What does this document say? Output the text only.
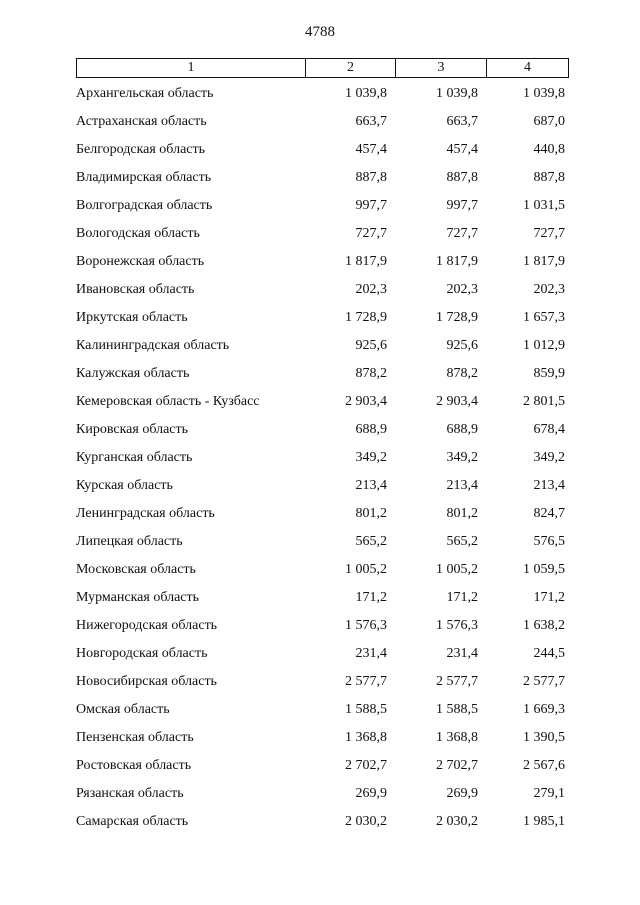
4788
1	2	3	4
Архангельская область	1 039,8	1 039,8	1 039,8
Астраханская область	663,7	663,7	687,0
Белгородская область	457,4	457,4	440,8
Владимирская область	887,8	887,8	887,8
Волгоградская область	997,7	997,7	1 031,5
Вологодская область	727,7	727,7	727,7
Воронежская область	1 817,9	1 817,9	1 817,9
Ивановская область	202,3	202,3	202,3
Иркутская область	1 728,9	1 728,9	1 657,3
Калининградская область	925,6	925,6	1 012,9
Калужская область	878,2	878,2	859,9
Кемеровская область - Кузбасс	2 903,4	2 903,4	2 801,5
Кировская область	688,9	688,9	678,4
Курганская область	349,2	349,2	349,2
Курская область	213,4	213,4	213,4
Ленинградская область	801,2	801,2	824,7
Липецкая область	565,2	565,2	576,5
Московская область	1 005,2	1 005,2	1 059,5
Мурманская область	171,2	171,2	171,2
Нижегородская область	1 576,3	1 576,3	1 638,2
Новгородская область	231,4	231,4	244,5
Новосибирская область	2 577,7	2 577,7	2 577,7
Омская область	1 588,5	1 588,5	1 669,3
Пензенская область	1 368,8	1 368,8	1 390,5
Ростовская область	2 702,7	2 702,7	2 567,6
Рязанская область	269,9	269,9	279,1
Самарская область	2 030,2	2 030,2	1 985,1
